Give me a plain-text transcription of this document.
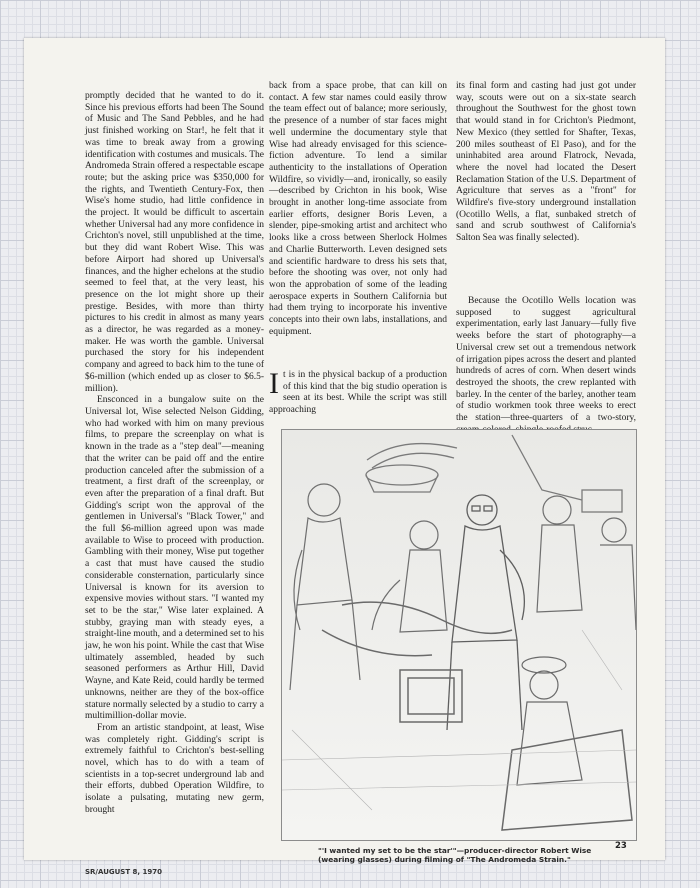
promptly decided that he wanted to do it. Since his previous efforts had been The Sound of Music and The Sand Pebbles, and he had just finished working on Star!, he felt that it was time to break away from a growing identification with costumes and musicals. The Andromeda Strain offered a respectable escape route; but the asking price was $350,000 for the rights, and Twentieth Century-Fox, then Wise's home studio, had little confidence in the project. It would be difficult to ascertain whether Universal had any more confidence in Crichton's novel, still unpublished at the time, but they did want Robert Wise. This was before Airport had shored up Universal's finances, and the higher echelons at the studio seemed to feel that, at the very least, his presence on the lot might shore up their prestige. Besides, with more than thirty pictures to his credit in almost as many years as a director, he was regarded as a money-maker. He was worth the gamble. Universal purchased the story for his independent company and agreed to back him to the tune of $6-million (which ended up as closer to $6.5-million).

Ensconced in a bungalow suite on the Universal lot, Wise selected Nelson Gidding, who had worked with him on many previous films, to prepare the screenplay on what is known in the trade as a "step deal"—meaning that the writer can be paid off and the entire production canceled after the submission of a treatment, a first draft of the screenplay, or even after the preparation of a final draft. But Gidding's script won the approval of the gentlemen in Universal's "Black Tower," and the full $6-million agreed upon was made available to Wise to proceed with production. Gambling with their money, Wise put together a cast that must have caused the studio considerable consternation, particularly since Universal is known for its aversion to expensive movies without stars. "I wanted my set to be the star," Wise later explained. A stubby, graying man with steady eyes, a straight-line mouth, and a determined set to his jaw, he won his point. While the cast that Wise ultimately assembled, headed by such seasoned performers as Arthur Hill, David Wayne, and Kate Reid, could hardly be termed unknowns, neither are they of the box-office stature normally selected by a studio to carry a multimillion-dollar movie.

From an artistic standpoint, at least, Wise was completely right. Gidding's script is extremely faithful to Crichton's best-selling novel, which has to do with a team of scientists in a top-secret underground lab and their efforts, dubbed Operation Wildfire, to isolate a pulsating, mutating new germ, brought

back from a space probe, that can kill on contact. A few star names could easily throw the team effect out of balance; more seriously, the presence of a number of star faces might well undermine the documentary style that Wise had already envisaged for this science-fiction adventure. To lend a similar authenticity to the installations of Operation Wildfire, so vividly—and, ironically, so easily—described by Crichton in his book, Wise brought in another long-time associate from earlier efforts, designer Boris Leven, a slender, pipe-smoking artist and architect who looks like a cross between Sherlock Holmes and Charlie Butterworth. Leven designed sets and scientific hardware to dress his sets that, before the shooting was over, not only had won the approbation of some of the leading aerospace experts in Southern California but had them trying to incorporate his inventive concepts into their own labs, installations, and equipment.

It is in the physical backup of a production of this kind that the big studio operation is seen at its best. While the script was still approaching

its final form and casting had just got under way, scouts were out on a six-state search throughout the Southwest for the ghost town that would stand in for Crichton's Piedmont, New Mexico (they settled for Shafter, Texas, 200 miles southeast of El Paso), and for the uninhabited area around Flatrock, Nevada, where the novel had located the Desert Reclamation Station of the U.S. Department of Agriculture that serves as a "front" for Wildfire's five-story underground installation (Ocotillo Wells, a flat, sunbaked stretch of sand and scrub southwest of California's Salton Sea was finally selected).

Because the Ocotillo Wells location was supposed to suggest agricultural experimentation, early last January—fully five weeks before the start of photography—a Universal crew set out a tremendous network of irrigation pipes across the desert and planted hundreds of acres of corn. When desert winds destroyed the shoots, the crew replanted with barley. In the center of the barley, another team of studio workmen took three weeks to erect the station—three-quarters of a two-story,

"'I wanted my set to be the star'"—producer-director Robert Wise (wearing glasses) during filming of "The Andromeda Strain."
SR/AUGUST 8, 1970
23
